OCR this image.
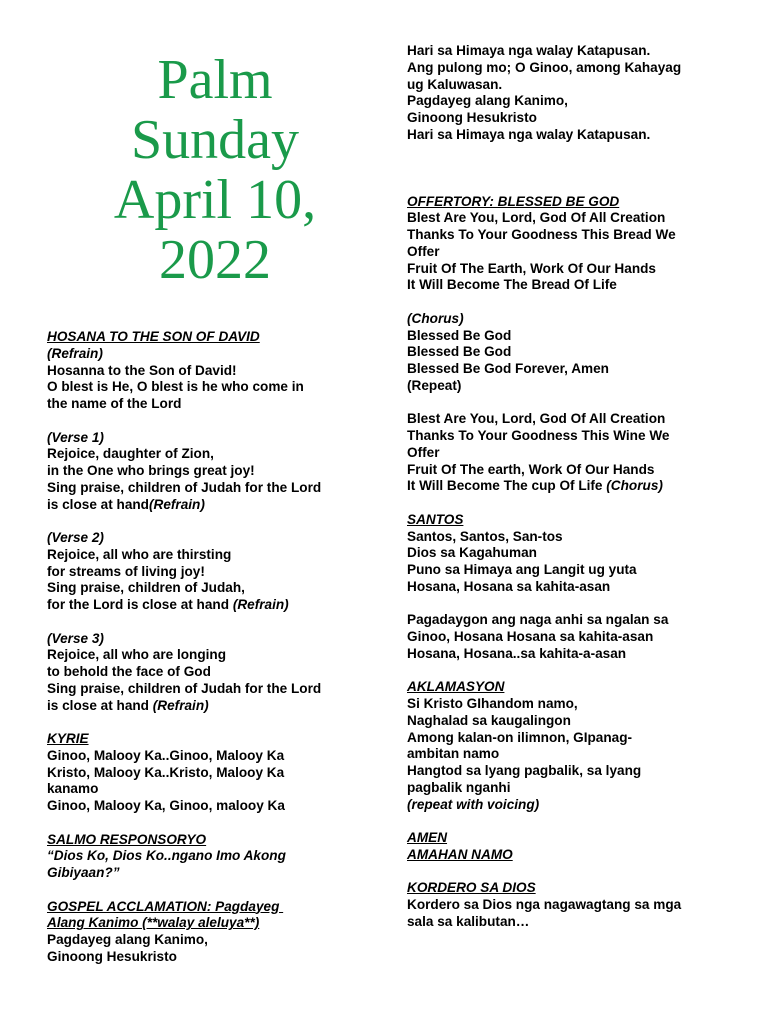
Palm
Sunday
April 10,
2022
HOSANA TO THE SON OF DAVID
(Refrain)
Hosanna to the Son of David!
O blest is He, O blest is he who come in
the name of the Lord
(Verse 1)
Rejoice, daughter of Zion,
in the One who brings great joy!
Sing praise, children of Judah for the Lord
is close at hand(Refrain)
(Verse 2)
Rejoice, all who are thirsting
for streams of living joy!
Sing praise, children of Judah,
for the Lord is close at hand (Refrain)
(Verse 3)
Rejoice, all who are longing
to behold the face of God
Sing praise, children of Judah for the Lord
is close at hand (Refrain)
KYRIE
Ginoo, Malooy Ka..Ginoo, Malooy Ka
Kristo, Malooy Ka..Kristo, Malooy Ka
kanamo
Ginoo, Malooy Ka, Ginoo, malooy Ka
SALMO RESPONSORYO
“Dios Ko, Dios Ko..ngano Imo Akong
Gibiyaan?”
GOSPEL ACCLAMATION: Pagdayeg
Alang Kanimo (**walay aleluya**)
Pagdayeg alang Kanimo,
Ginoong Hesukristo
Hari sa Himaya nga walay Katapusan.
Ang pulong mo; O Ginoo, among Kahayag
ug Kaluwasan.
Pagdayeg alang Kanimo,
Ginoong Hesukristo
Hari sa Himaya nga walay Katapusan.
OFFERTORY: BLESSED BE GOD
Blest Are You, Lord, God Of All Creation
Thanks To Your Goodness This Bread We
Offer
Fruit Of The Earth, Work Of Our Hands
It Will Become The Bread Of Life
(Chorus)
Blessed Be God
Blessed Be God
Blessed Be God Forever, Amen
(Repeat)
Blest Are You, Lord, God Of All Creation
Thanks To Your Goodness This Wine We
Offer
Fruit Of The earth, Work Of Our Hands
It Will Become The cup Of Life (Chorus)
SANTOS
Santos, Santos, San-tos
Dios sa Kagahuman
Puno sa Himaya ang Langit ug yuta
Hosana, Hosana sa kahita-asan
Pagadaygon ang naga anhi sa ngalan sa
Ginoo, Hosana Hosana sa kahita-asan
Hosana, Hosana..sa kahita-a-asan
AKLAMASYON
Si Kristo GIhandom namo,
Naghalad sa kaugalingon
Among kalan-on ilimnon, GIpanag-
ambitan namo
Hangtod sa lyang pagbalik, sa lyang
pagbalik nganhi
(repeat with voicing)
AMEN
AMAHAN NAMO
KORDERO SA DIOS
Kordero sa Dios nga nagawagtang sa mga
sala sa kalibutan…
